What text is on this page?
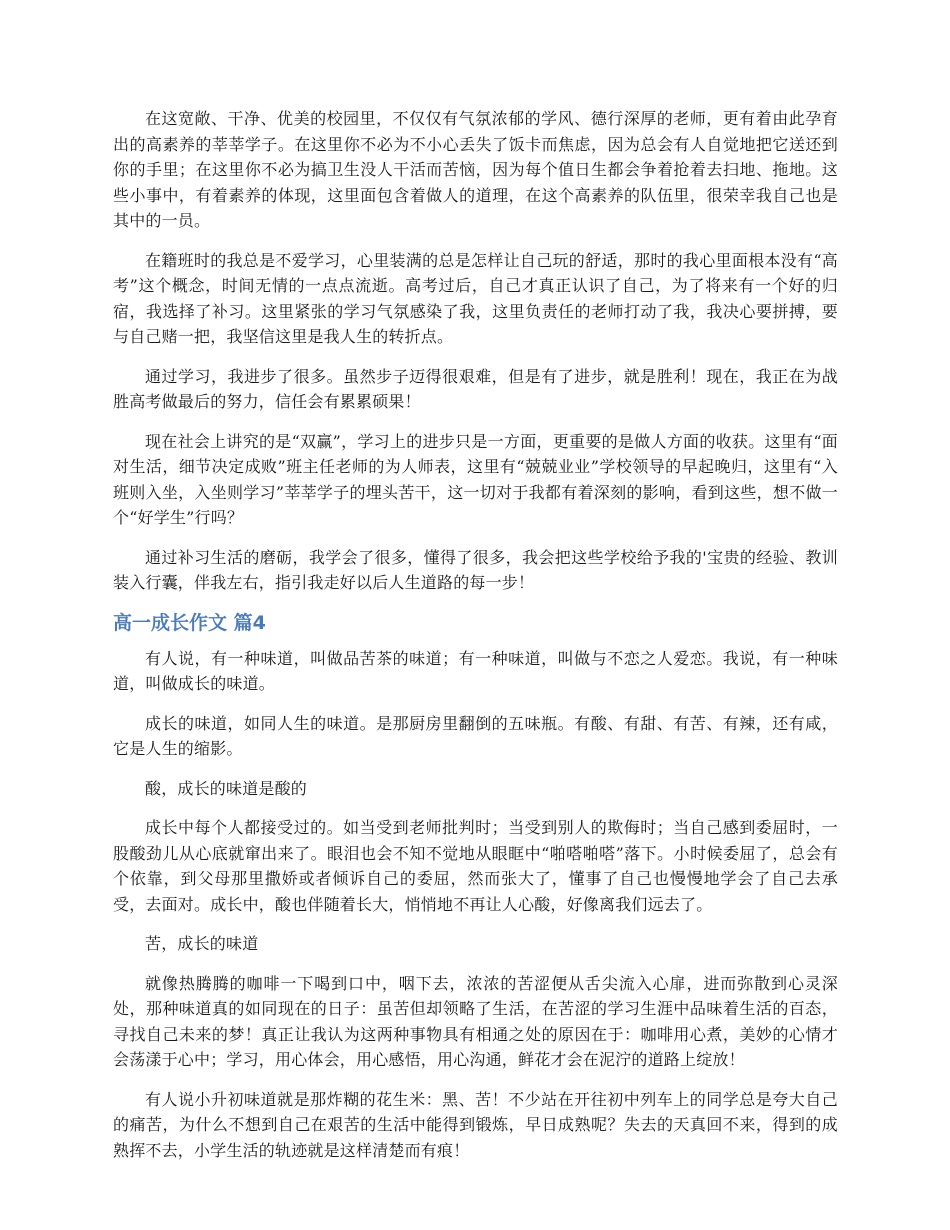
在这宽敞、干净、优美的校园里，不仅仅有气氛浓郁的学风、德行深厚的老师，更有着由此孕育出的高素养的莘莘学子。在这里你不必为不小心丢失了饭卡而焦虑，因为总会有人自觉地把它送还到你的手里；在这里你不必为搞卫生没人干活而苦恼，因为每个值日生都会争着抢着去扫地、拖地。这些小事中，有着素养的体现，这里面包含着做人的道理，在这个高素养的队伍里，很荣幸我自己也是其中的一员。

在籍班时的我总是不爱学习，心里装满的总是怎样让自己玩的舒适，那时的我心里面根本没有“高考”这个概念，时间无情的一点点流逝。高考过后，自己才真正认识了自己，为了将来有一个好的归宿，我选择了补习。这里紧张的学习气氛感染了我，这里负责任的老师打动了我，我决心要拼搏，要与自己赌一把，我坚信这里是我人生的转折点。

通过学习，我进步了很多。虽然步子迈得很艰难，但是有了进步，就是胜利！现在，我正在为战胜高考做最后的努力，信任会有累累硕果！

现在社会上讲究的是“双赢”，学习上的进步只是一方面，更重要的是做人方面的收获。这里有“面对生活，细节决定成败”班主任老师的为人师表，这里有“兢兢业业”学校领导的早起晚归，这里有“入班则入坐，入坐则学习”莘莘学子的埋头苦干，这一切对于我都有着深刻的影响，看到这些，想不做一个“好学生”行吗？

通过补习生活的磨砺，我学会了很多，懂得了很多，我会把这些学校给予我的'宝贵的经验、教训装入行囊，伴我左右，指引我走好以后人生道路的每一步！

高一成长作文 篇4

有人说，有一种味道，叫做品苦茶的味道；有一种味道，叫做与不恋之人爱恋。我说，有一种味道，叫做成长的味道。

成长的味道，如同人生的味道。是那厨房里翻倒的五味瓶。有酸、有甜、有苦、有辣，还有咸，它是人生的缩影。

酸，成长的味道是酸的

成长中每个人都接受过的。如当受到老师批判时；当受到别人的欺侮时；当自己感到委屈时，一股酸劲儿从心底就窜出来了。眼泪也会不知不觉地从眼眶中“啪嗒啪嗒”落下。小时候委屈了，总会有个依靠，到父母那里撒娇或者倾诉自己的委屈，然而张大了，懂事了自己也慢慢地学会了自己去承受，去面对。成长中，酸也伴随着长大，悄悄地不再让人心酸，好像离我们远去了。

苦，成长的味道

就像热腾腾的咖啡一下喝到口中，咽下去，浓浓的苦涩便从舌尖流入心扉，进而弥散到心灵深处，那种味道真的如同现在的日子：虽苦但却领略了生活，在苦涩的学习生涯中品味着生活的百态，寻找自己未来的梦！真正让我认为这两种事物具有相通之处的原因在于：咖啡用心煮，美妙的心情才会荡漾于心中；学习，用心体会，用心感悟，用心沟通，鲜花才会在泥泞的道路上绽放！

有人说小升初味道就是那炸糊的花生米：黑、苦！不少站在开往初中列车上的同学总是夸大自己的痛苦，为什么不想到自己在艰苦的生活中能得到锻炼，早日成熟呢？失去的天真回不来，得到的成熟挥不去，小学生活的轨迹就是这样清楚而有痕！
